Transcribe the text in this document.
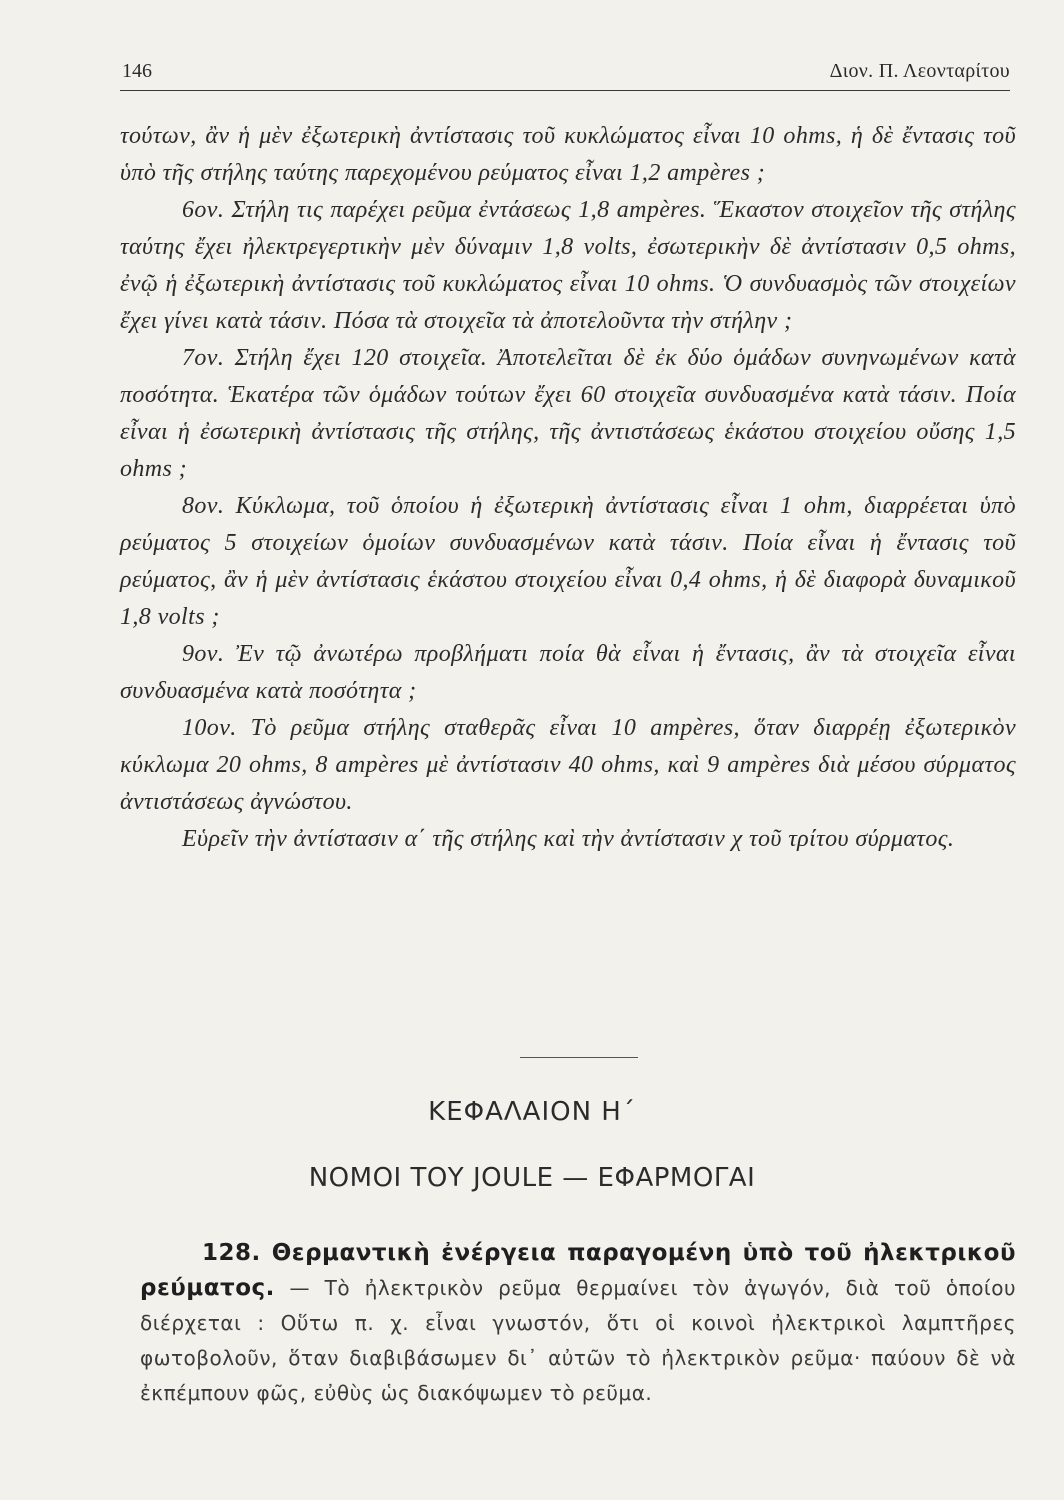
146	Διον. Π. Λεονταρίτου

τούτων, ἂν ἡ μὲν ἐξωτερικὴ ἀντίστασις τοῦ κυκλώματος εἶναι 10 ohms, ἡ δὲ ἔντασις τοῦ ὑπὸ τῆς στήλης ταύτης παρεχομένου ρεύματος εἶναι 1,2 ampères ;

6ον. Στήλη τις παρέχει ρεῦμα ἐντάσεως 1,8 ampères. Ἕκαστον στοιχεῖον τῆς στήλης ταύτης ἔχει ἠλεκτρεγερτικὴν μὲν δύναμιν 1,8 volts, ἐσωτερικὴν δὲ ἀντίστασιν 0,5 ohms, ἐνῷ ἡ ἐξωτερικὴ ἀντίστασις τοῦ κυκλώματος εἶναι 10 ohms. Ὁ συνδυασμὸς τῶν στοιχείων ἔχει γίνει κατὰ τάσιν. Πόσα τὰ στοιχεῖα τὰ ἀποτελοῦντα τὴν στήλην ;

7ον. Στήλη ἔχει 120 στοιχεῖα. Ἀποτελεῖται δὲ ἐκ δύο ὁμάδων συνηνωμένων κατὰ ποσότητα. Ἑκατέρα τῶν ὁμάδων τούτων ἔχει 60 στοιχεῖα συνδυασμένα κατὰ τάσιν. Ποία εἶναι ἡ ἐσωτερικὴ ἀντίστασις τῆς στήλης, τῆς ἀντιστάσεως ἑκάστου στοιχείου οὔσης 1,5 ohms ;

8ον. Κύκλωμα, τοῦ ὁποίου ἡ ἐξωτερικὴ ἀντίστασις εἶναι 1 ohm, διαρρέεται ὑπὸ ρεύματος 5 στοιχείων ὁμοίων συνδυασμένων κατὰ τάσιν. Ποία εἶναι ἡ ἔντασις τοῦ ρεύματος, ἂν ἡ μὲν ἀντίστασις ἑκάστου στοιχείου εἶναι 0,4 ohms, ἡ δὲ διαφορὰ δυναμικοῦ 1,8 volts ;

9ον. Ἐν τῷ ἀνωτέρω προβλήματι ποία θὰ εἶναι ἡ ἔντασις, ἂν τὰ στοιχεῖα εἶναι συνδυασμένα κατὰ ποσότητα ;

10ον. Τὸ ρεῦμα στήλης σταθερᾶς εἶναι 10 ampères, ὅταν διαρρέῃ ἐξωτερικὸν κύκλωμα 20 ohms, 8 ampères μὲ ἀντίστασιν 40 ohms, καὶ 9 ampères διὰ μέσου σύρματος ἀντιστάσεως ἀγνώστου.

Εὑρεῖν τὴν ἀντίστασιν α΄ τῆς στήλης καὶ τὴν ἀντίστασιν χ τοῦ τρίτου σύρματος.

ΚΕΦΑΛΑΙΟΝ Η΄
ΝΟΜΟΙ ΤΟΥ JOULE — ΕΦΑΡΜΟΓΑΙ

128. Θερμαντικὴ ἐνέργεια παραγομένη ὑπὸ τοῦ ἠλεκτρικοῦ ρεύματος. — Τὸ ἠλεκτρικὸν ρεῦμα θερμαίνει τὸν ἀγωγόν, διὰ τοῦ ὁποίου διέρχεται : Οὕτω π. χ. εἶναι γνωστόν, ὅτι οἱ κοινοὶ ἠλεκτρικοὶ λαμπτῆρες φωτοβολοῦν, ὅταν διαβιβάσωμεν δι᾽ αὐτῶν τὸ ἠλεκτρικὸν ρεῦμα· παύουν δὲ νὰ ἐκπέμπουν φῶς, εὐθὺς ὡς διακόψωμεν τὸ ρεῦμα.
